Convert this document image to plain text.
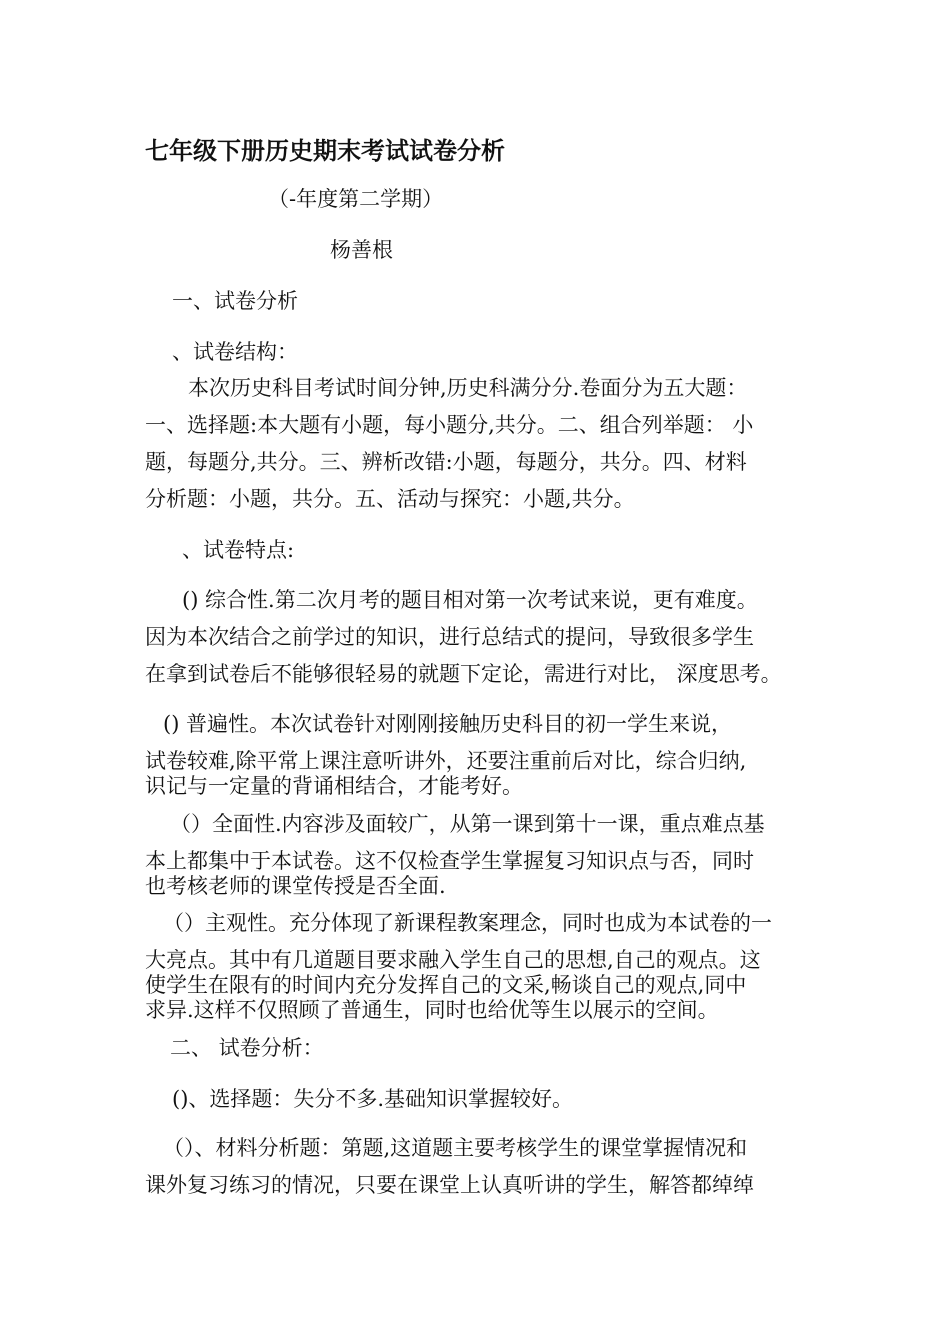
七年级下册历史期末考试试卷分析

（-年度第二学期）

杨善根

一、试卷分析

、试卷结构：

本次历史科目考试时间分钟,历史科满分分.卷面分为五大题：

一、选择题:本大题有小题，每小题分,共分。二、组合列举题： 小

题，每题分,共分。三、辨析改错:小题，每题分，共分。四、材料

分析题：小题，共分。五、活动与探究：小题,共分。

、试卷特点:

() 综合性.第二次月考的题目相对第一次考试来说，更有难度。

因为本次结合之前学过的知识，进行总结式的提问，导致很多学生

在拿到试卷后不能够很轻易的就题下定论，需进行对比， 深度思考。

() 普遍性。本次试卷针对刚刚接触历史科目的初一学生来说，

试卷较难,除平常上课注意听讲外，还要注重前后对比，综合归纳,

识记与一定量的背诵相结合，才能考好。

（）全面性.内容涉及面较广，从第一课到第十一课，重点难点基

本上都集中于本试卷。这不仅检查学生掌握复习知识点与否，同时

也考核老师的课堂传授是否全面.

（）主观性。充分体现了新课程教案理念，同时也成为本试卷的一

大亮点。其中有几道题目要求融入学生自己的思想,自己的观点。这

使学生在限有的时间内充分发挥自己的文采,畅谈自己的观点,同中

求异.这样不仅照顾了普通生，同时也给优等生以展示的空间。

二、 试卷分析：

()、选择题：失分不多.基础知识掌握较好。

（）、材料分析题：第题,这道题主要考核学生的课堂掌握情况和

课外复习练习的情况，只要在课堂上认真听讲的学生，解答都绰绰
